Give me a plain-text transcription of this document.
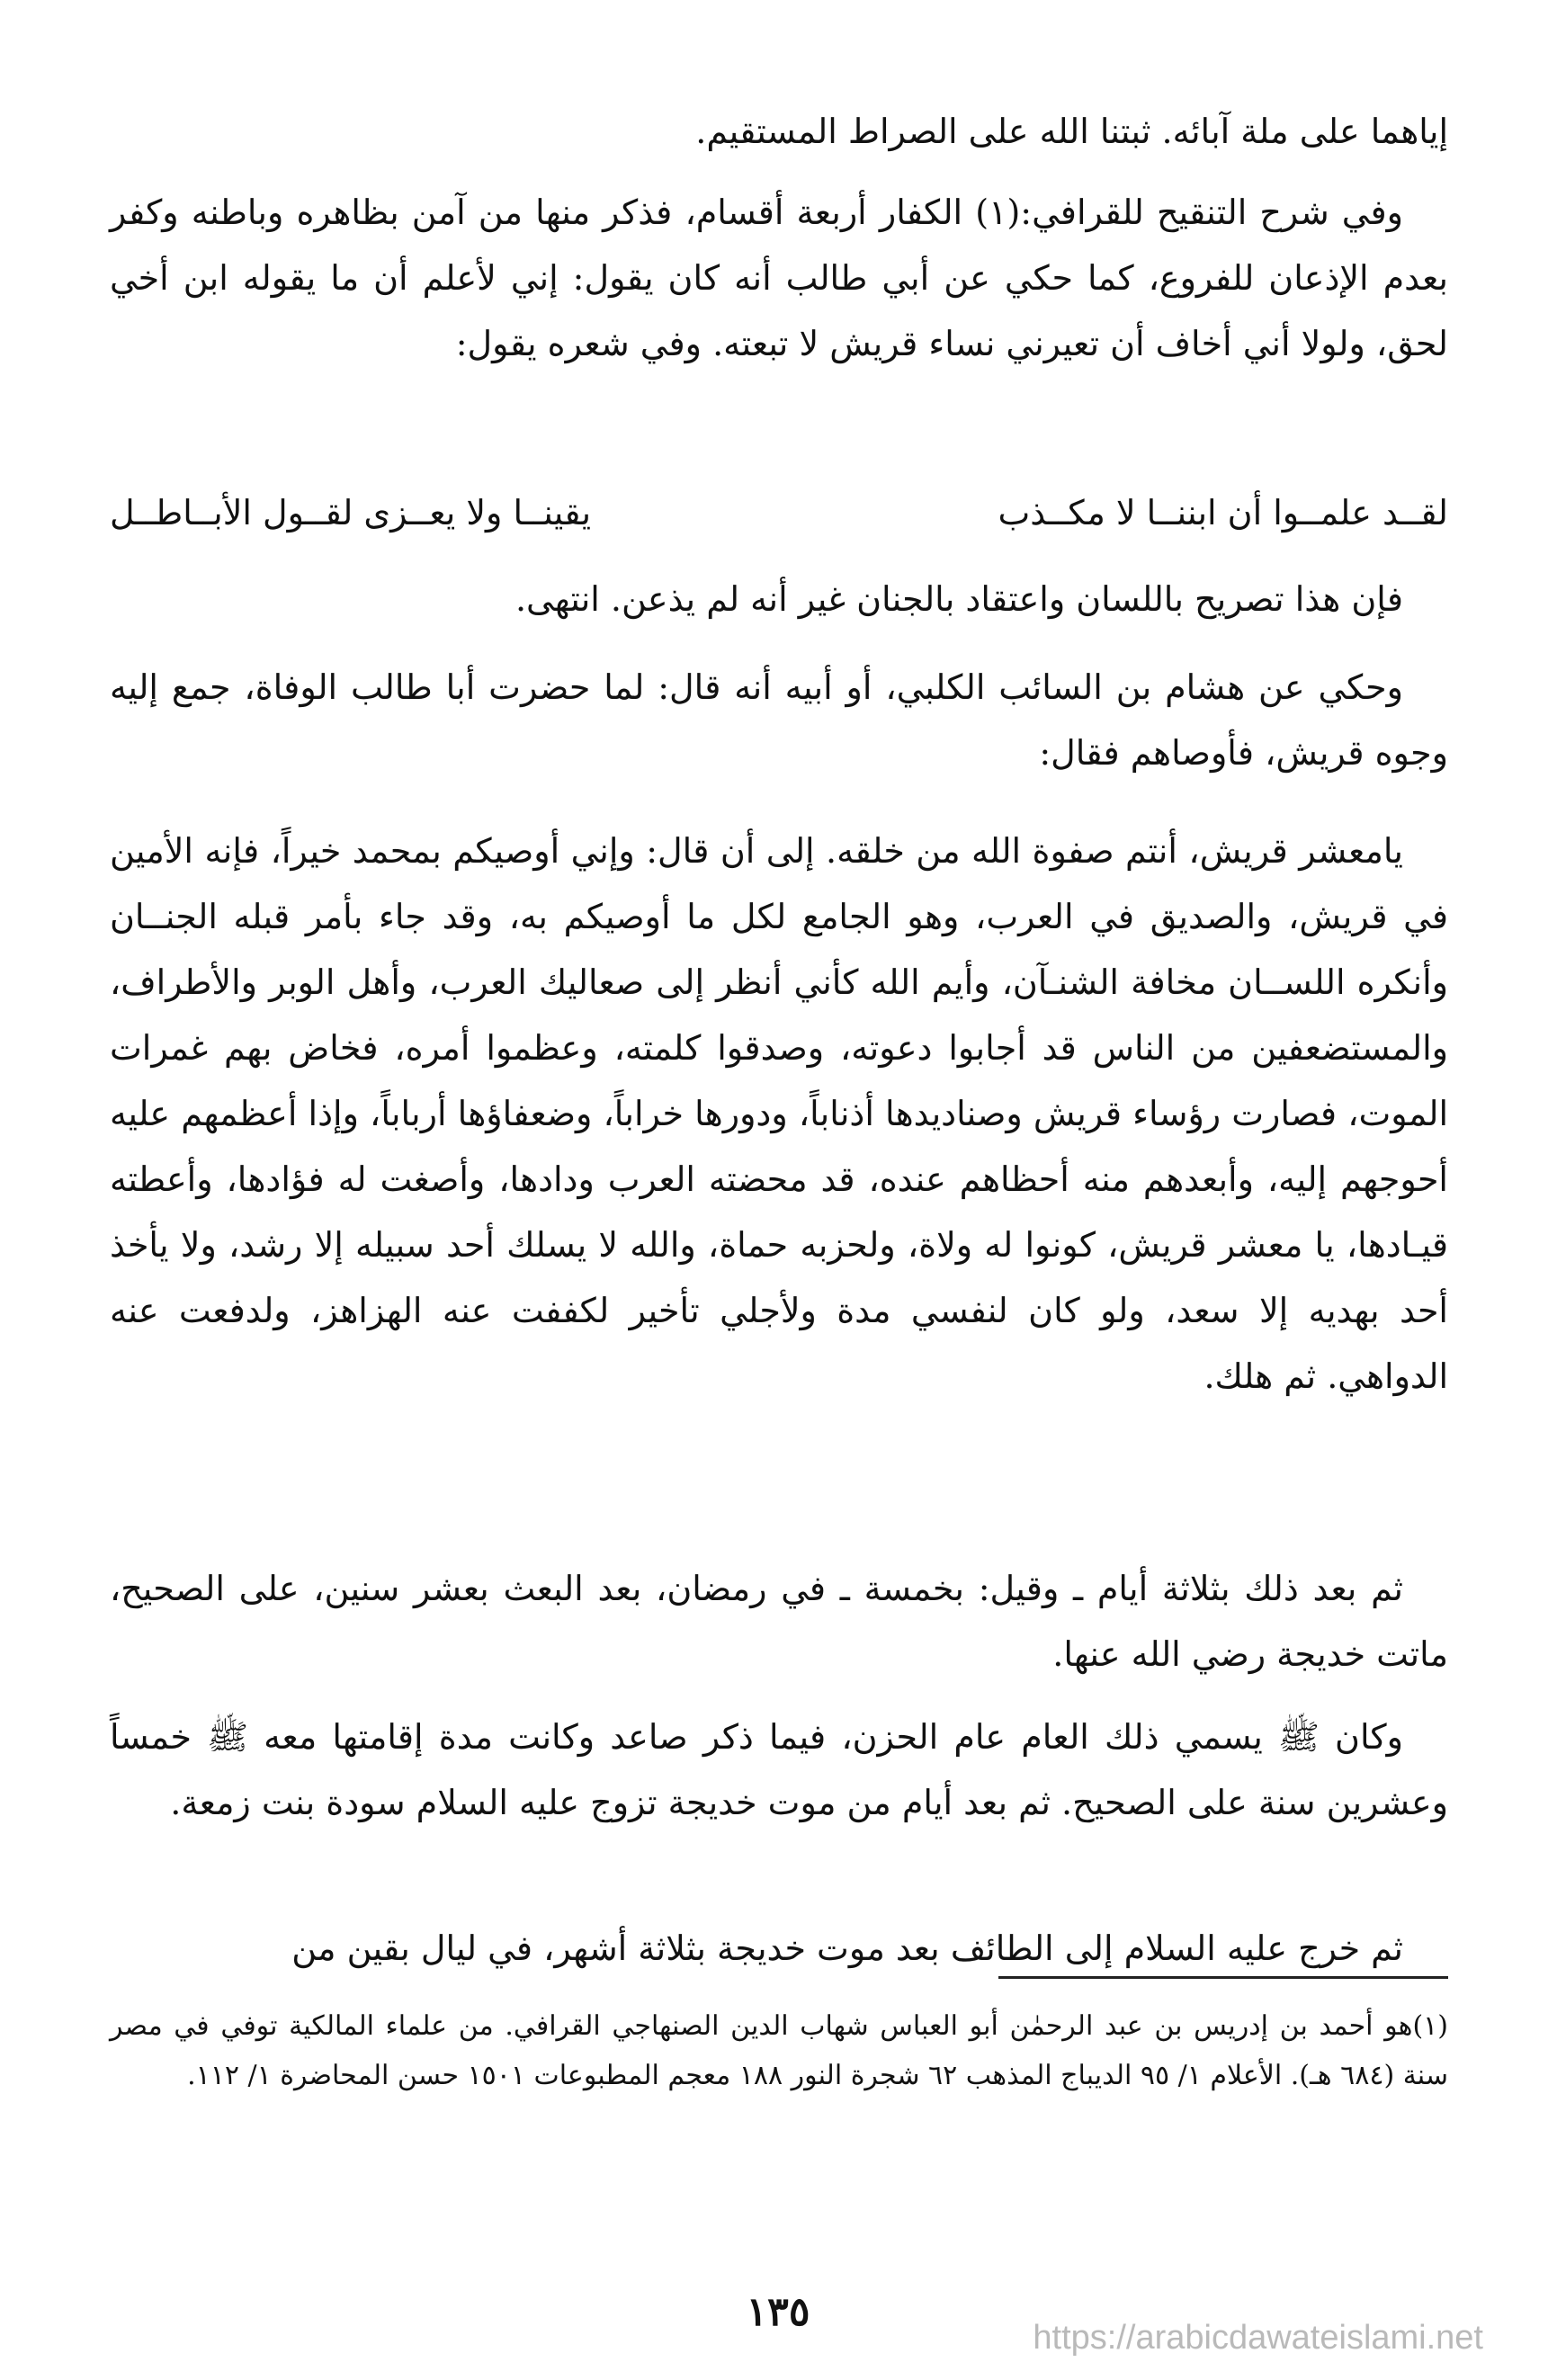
إياهما على ملة آبائه. ثبتنا الله على الصراط المستقيم.
وفي شرح التنقيح للقرافي:(١) الكفار أربعة أقسام، فذكر منها من آمن بظاهره وباطنه وكفر بعدم الإذعان للفروع، كما حكي عن أبي طالب أنه كان يقول: إني لأعلم أن ما يقوله ابن أخي لحق، ولولا أني أخاف أن تعيرني نساء قريش لا تبعته. وفي شعره يقول:
لقــد علمــوا أن ابننــا لا مكــذب
يقينــا ولا يعــزى لقــول الأبــاطــل
فإن هذا تصريح باللسان واعتقاد بالجنان غير أنه لم يذعن. انتهى.
وحكي عن هشام بن السائب الكلبي، أو أبيه أنه قال: لما حضرت أبا طالب الوفاة، جمع إليه وجوه قريش، فأوصاهم فقال:
يامعشر قريش، أنتم صفوة الله من خلقه. إلى أن قال: وإني أوصيكم بمحمد خيراً، فإنه الأمين في قريش، والصديق في العرب، وهو الجامع لكل ما أوصيكم به، وقد جاء بأمر قبله الجنــان وأنكره اللســان مخافة الشنـآن، وأيم الله كأني أنظر إلى صعاليك العرب، وأهل الوبر والأطراف، والمستضعفين من الناس قد أجابوا دعوته، وصدقوا كلمته، وعظموا أمره، فخاض بهم غمرات الموت، فصارت رؤساء قريش وصناديدها أذناباً، ودورها خراباً، وضعفاؤها أرباباً، وإذا أعظمهم عليه أحوجهم إليه، وأبعدهم منه أحظاهم عنده، قد محضته العرب ودادها، وأصغت له فؤادها، وأعطته قيـادها، يا معشر قريش، كونوا له ولاة، ولحزبه حماة، والله لا يسلك أحد سبيله إلا رشد، ولا يأخذ أحد بهديه إلا سعد، ولو كان لنفسي مدة ولأجلي تأخير لكففت عنه الهزاهز، ولدفعت عنه الدواهي. ثم هلك.
ثم بعد ذلك بثلاثة أيام ـ وقيل: بخمسة ـ في رمضان، بعد البعث بعشر سنين، على الصحيح، ماتت خديجة رضي الله عنها.
وكان ﷺ يسمي ذلك العام عام الحزن، فيما ذكر صاعد وكانت مدة إقامتها معه ﷺ خمساً وعشرين سنة على الصحيح. ثم بعد أيام من موت خديجة تزوج عليه السلام سودة بنت زمعة.
ثم خرج عليه السلام إلى الطائف بعد موت خديجة بثلاثة أشهر، في ليال بقين من
(١)هو أحمد بن إدريس بن عبد الرحمٰن أبو العباس شهاب الدين الصنهاجي القرافي. من علماء المالكية توفي في مصر سنة (٦٨٤ هـ). الأعلام ١/ ٩٥ الديباج المذهب ٦٢ شجرة النور ١٨٨ معجم المطبوعات ١٥٠١ حسن المحاضرة ١/ ١١٢.
١٣٥
https://arabicdawateislami.net
